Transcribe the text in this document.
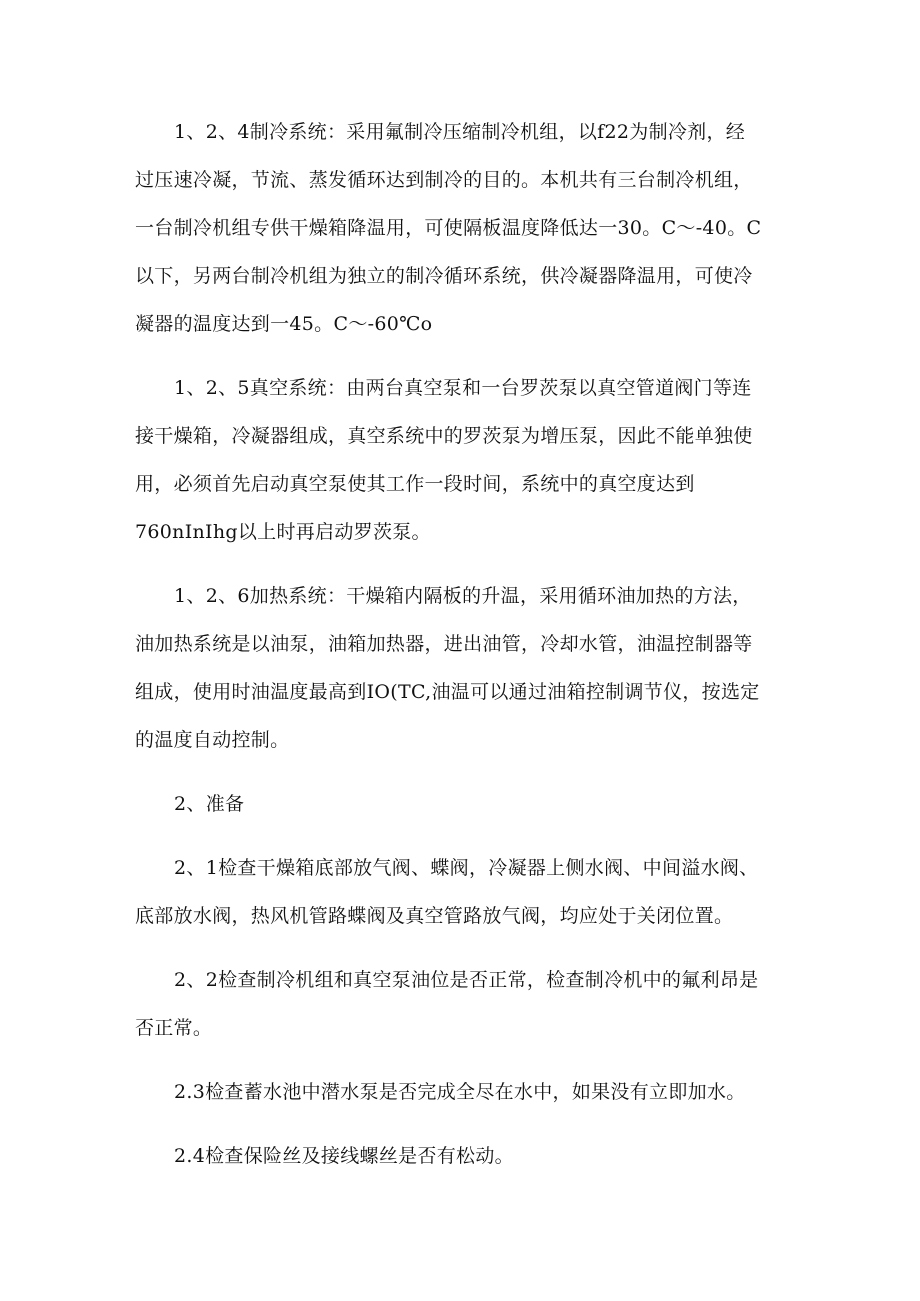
1、2、4制冷系统：采用氟制冷压缩制冷机组，以f22为制冷剂，经
过压速冷凝，节流、蒸发循环达到制冷的目的。本机共有三台制冷机组，
一台制冷机组专供干燥箱降温用，可使隔板温度降低达一30。C～-40。C
以下，另两台制冷机组为独立的制冷循环系统，供冷凝器降温用，可使冷
凝器的温度达到一45。C～-60℃o
1、2、5真空系统：由两台真空泵和一台罗茨泵以真空管道阀门等连
接干燥箱，冷凝器组成，真空系统中的罗茨泵为增压泵，因此不能单独使
用，必须首先启动真空泵使其工作一段时间，系统中的真空度达到
760nInIhg以上时再启动罗茨泵。
1、2、6加热系统：干燥箱内隔板的升温，采用循环油加热的方法，
油加热系统是以油泵，油箱加热器，进出油管，冷却水管，油温控制器等
组成，使用时油温度最高到IO(TC,油温可以通过油箱控制调节仪，按选定
的温度自动控制。
2、准备
2、1检查干燥箱底部放气阀、蝶阀，冷凝器上侧水阀、中间溢水阀、
底部放水阀，热风机管路蝶阀及真空管路放气阀，均应处于关闭位置。
2、2检查制冷机组和真空泵油位是否正常，检查制冷机中的氟利昂是
否正常。
2.3检查蓄水池中潜水泵是否完成全尽在水中，如果没有立即加水。
2.4检查保险丝及接线螺丝是否有松动。
